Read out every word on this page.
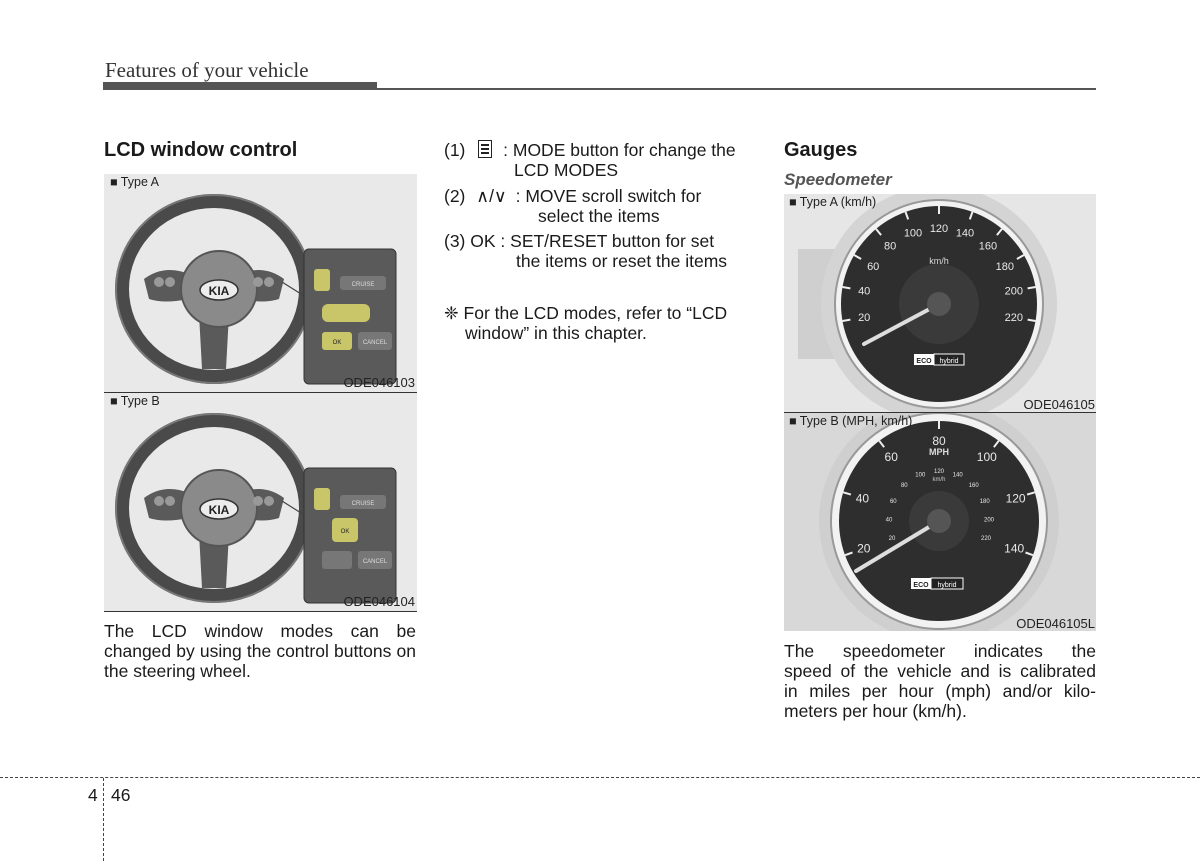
Features of your vehicle
LCD window control
■ Type A
KIA	CRUISE
OK	CANCEL
ODE046103
■ Type B
KIA	CRUISE
OK
CANCEL
ODE046104
The LCD window modes can be changed by using the control buttons on the steering wheel.
(1) : MODE button for change the
LCD MODES
(2) ∧/∨ : MOVE scroll switch for
select the items
(3) OK : SET/RESET button for set
the items or reset the items
❈ For the LCD modes, refer to “LCD
window” in this chapter.
Gauges
Speedometer
20
40
60
80
100 120 140
160
180
200
220
km/h
ECO hybrid
■ Type A (km/h)
ODE046105
20
40
60
80
100
120
140
20
40
60
80
100
120
140
160
180
200
220
MPH
km/h
ECO hybrid
■ Type B (MPH, km/h)
ODE046105L
The speedometer indicates the
speed of the vehicle and is calibrated
in miles per hour (mph) and/or kilo-
meters per hour (km/h).
4 46
